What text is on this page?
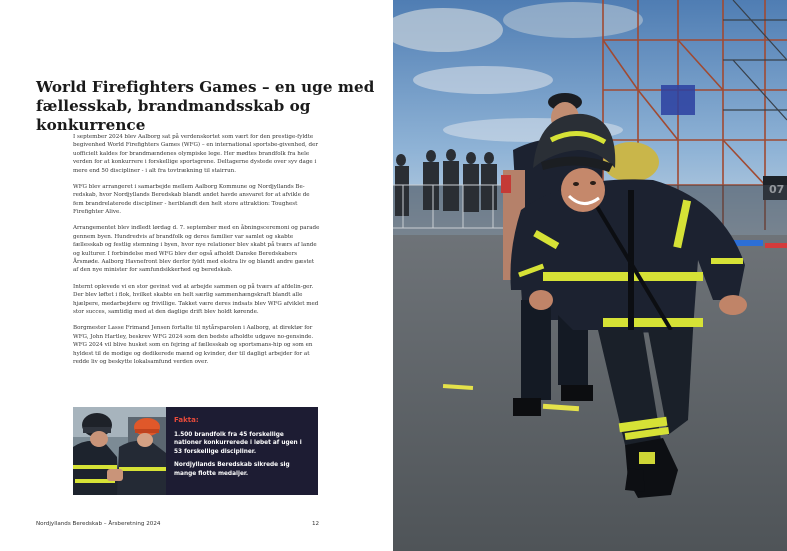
World Firefighters Games – en uge med
fællesskab, brandmandsskab og konkurrence

I september 2024 blev Aalborg sat på verdenskortet som vært for den prestige-fyldte begivenhed World Firefighters Games (WFG) – en international sportsbe-givenhed, der uofficielt kaldes for brandmændenes olympiske lege. Her mødtes brandfolk fra hele verden for at konkurrere i forskellige sportsgrene. Deltagerne dystede over syv dage i mere end 50 discipliner - i alt fra tovtrækning til stairrun.

WFG blev arrangeret i samarbejde mellem Aalborg Kommune og Nordjyllands Be-redskab, hvor Nordjyllands Beredskab blandt andet havde ansvaret for at afvikle de fem brandrelaterede discipliner - heriblandt den helt store attraktion: Toughest Firefighter Alive.

Arrangementet blev indledt lørdag d. 7. september med en åbningsceremoni og parade gennem byen. Hundredvis af brandfolk og deres familier var samlet og skabte fællesskab og festlig stemning i byen, hvor nye relationer blev skabt på tværs af lande og kulturer. I forbindelse med WFG blev der også afholdt Danske Beredskabers Årsmøde. Aalborg Havnefront blev derfor fyldt med ekstra liv og blandt andre gæstet af den nye minister for samfundsikkerhed og beredskab.

Internt oplevede vi en stor gevinst ved at arbejde sammen og på tværs af afdelin-ger. Der blev løftet i flok, hvilket skabte en helt særlig sammenhængskraft blandt alle hjælpere, medarbejdere og frivillige. Takket være deres indsats blev WFG afviklet med stor succes, samtidig med at den daglige drift blev holdt kørende.

Borgmester Lasse Frimand Jensen fortalte til nytårsparolen i Aalborg, at direktør for WFG, John Hartley, beskrev WFG 2024 som den bedste afholdte udgave no-gensinde. WFG 2024 vil blive husket som en fejring af fællesskab og sportsmans-hip og som en hyldest til de modige og dedikerede mænd og kvinder, der til dagligt arbejder for at redde liv og beskytte lokalsamfund verden over.

Fakta:
1.500 brandfolk fra 45 forskellige nationer konkurrerede i løbet af ugen i 53 forskellige discipliner.
Nordjyllands Beredskab sikrede sig mange flotte medaljer.
Nordjyllands Beredskab – Årsberetning 2024	12
